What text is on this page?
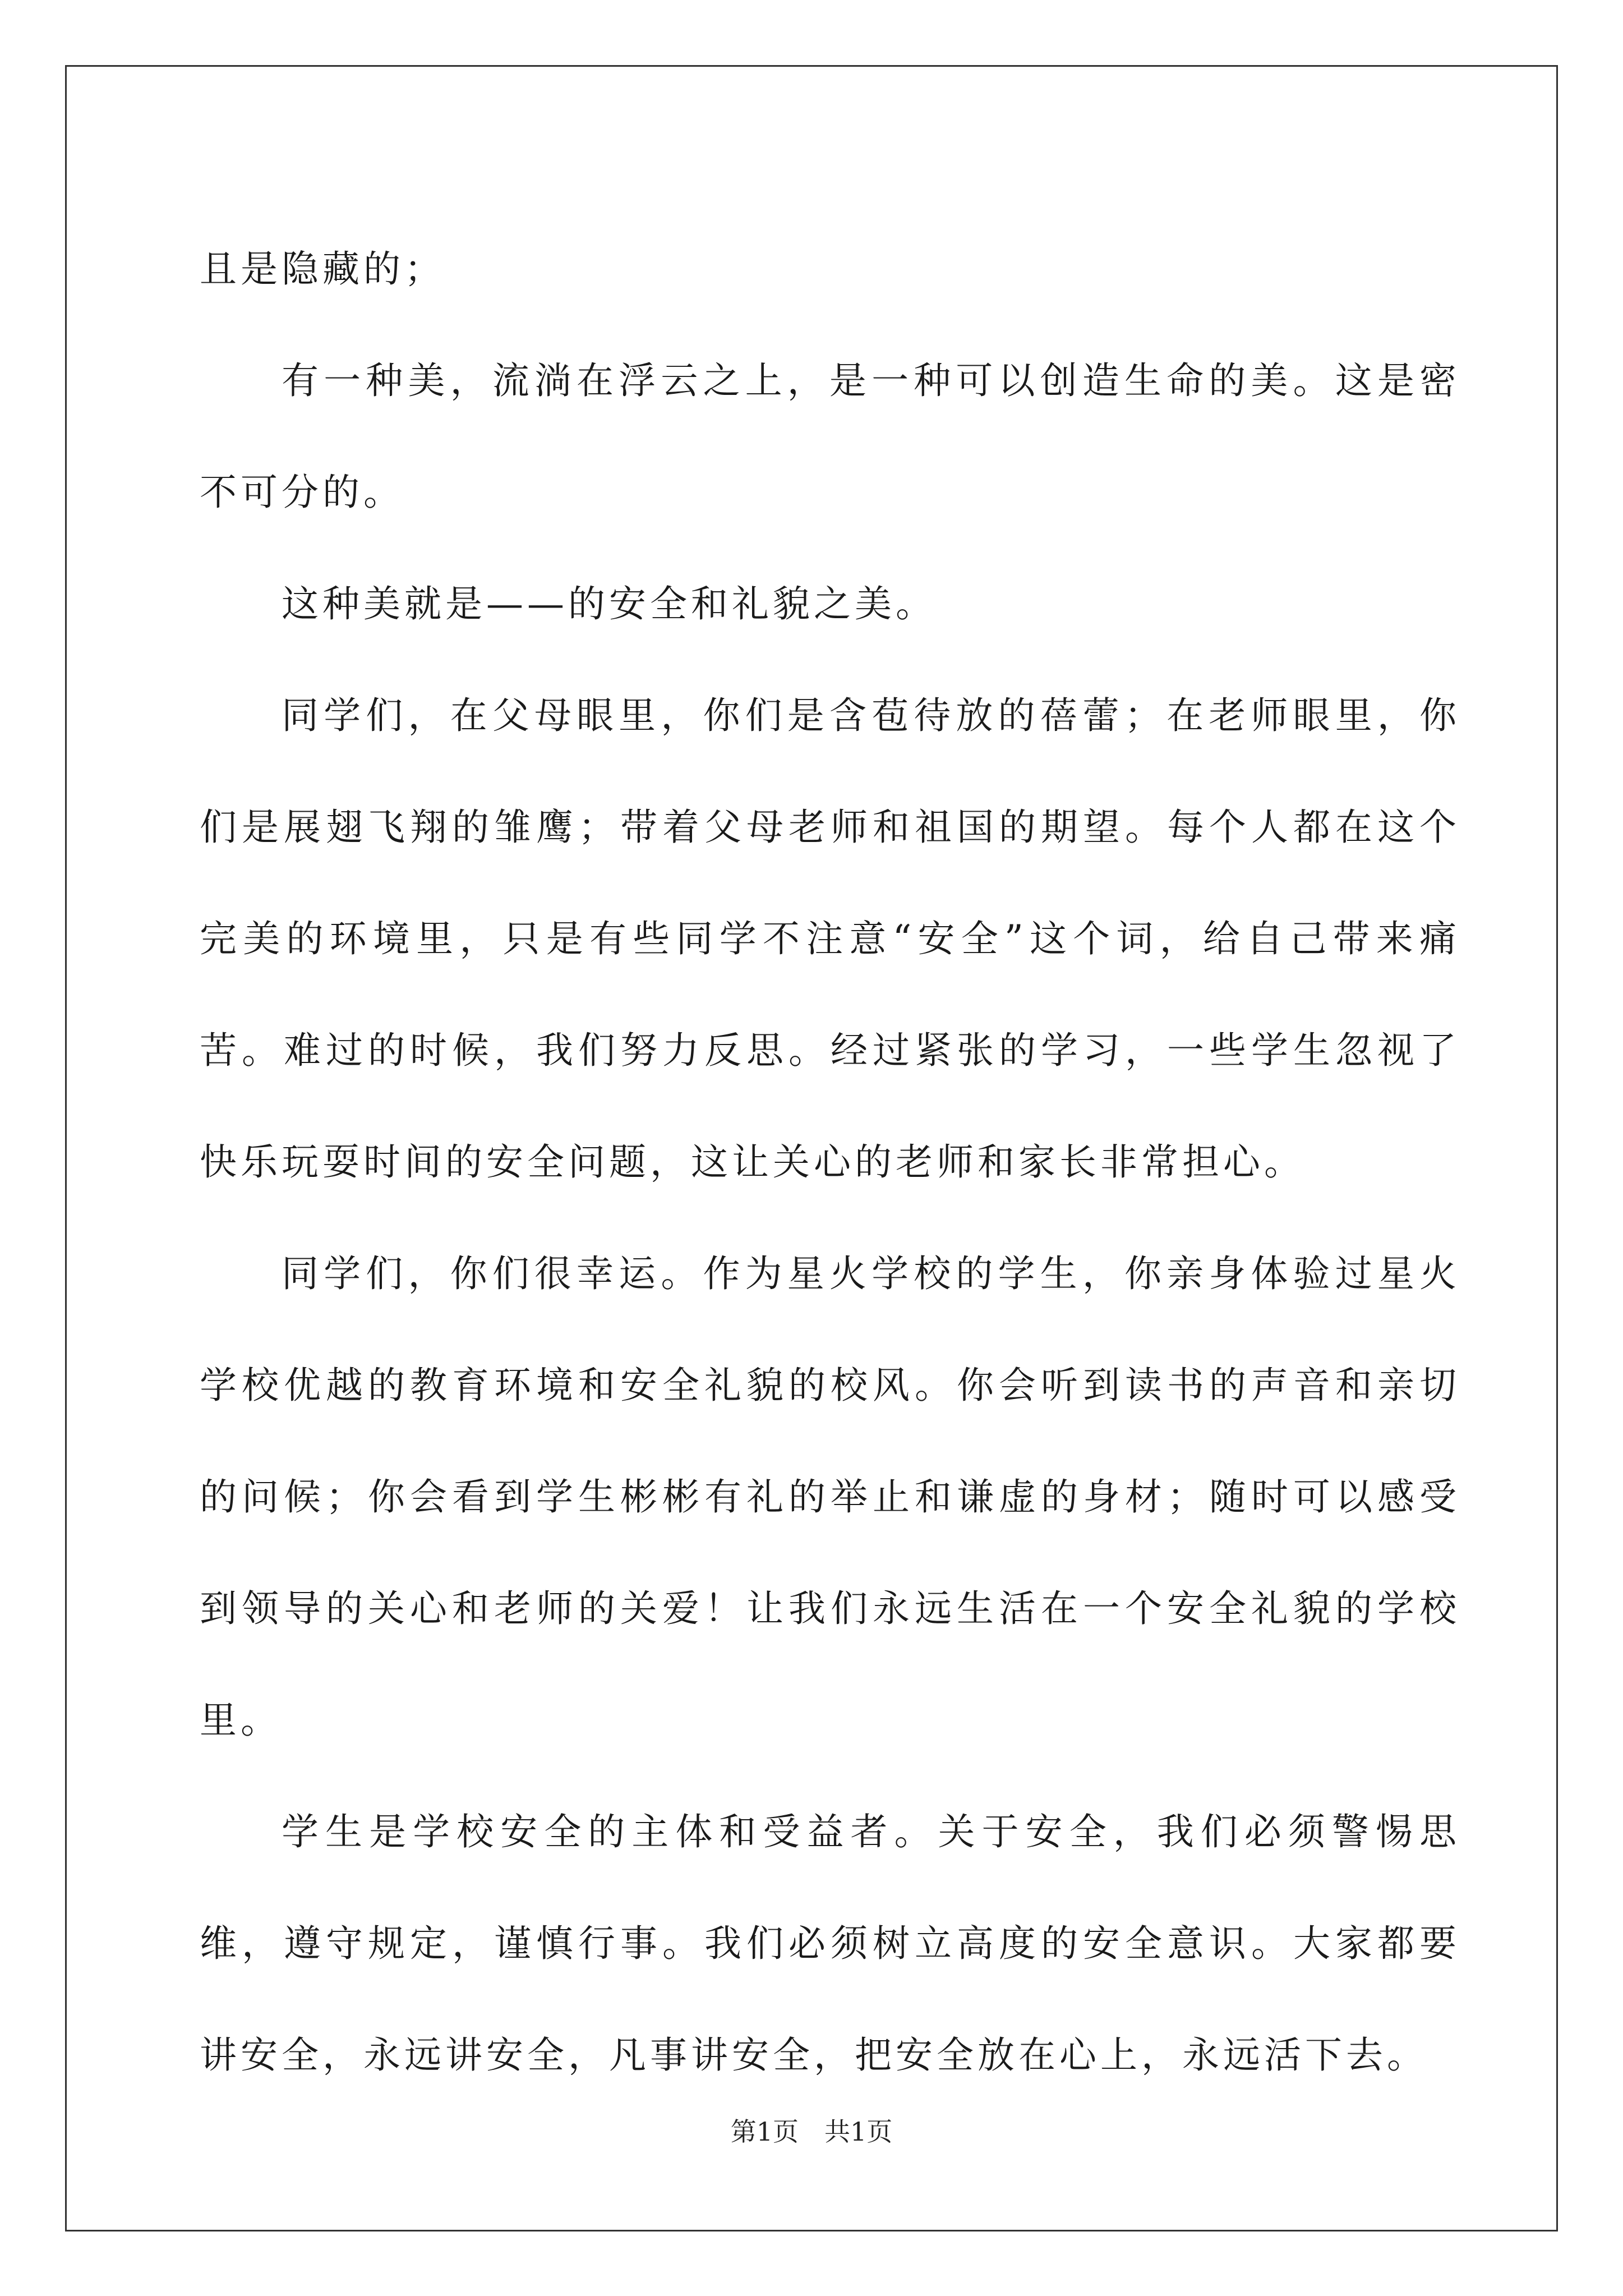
且是隐藏的；

有一种美，流淌在浮云之上，是一种可以创造生命的美。这是密不可分的。

这种美就是——的安全和礼貌之美。

同学们，在父母眼里，你们是含苞待放的蓓蕾；在老师眼里，你们是展翅飞翔的雏鹰；带着父母老师和祖国的期望。每个人都在这个完美的环境里，只是有些同学不注意“安全”这个词，给自己带来痛苦。难过的时候，我们努力反思。经过紧张的学习，一些学生忽视了快乐玩耍时间的安全问题，这让关心的老师和家长非常担心。

同学们，你们很幸运。作为星火学校的学生，你亲身体验过星火学校优越的教育环境和安全礼貌的校风。你会听到读书的声音和亲切的问候；你会看到学生彬彬有礼的举止和谦虚的身材；随时可以感受到领导的关心和老师的关爱！让我们永远生活在一个安全礼貌的学校里。

学生是学校安全的主体和受益者。关于安全，我们必须警惕思维，遵守规定，谨慎行事。我们必须树立高度的安全意识。大家都要讲安全，永远讲安全，凡事讲安全，把安全放在心上，永远活下去。

第1页 共1页
